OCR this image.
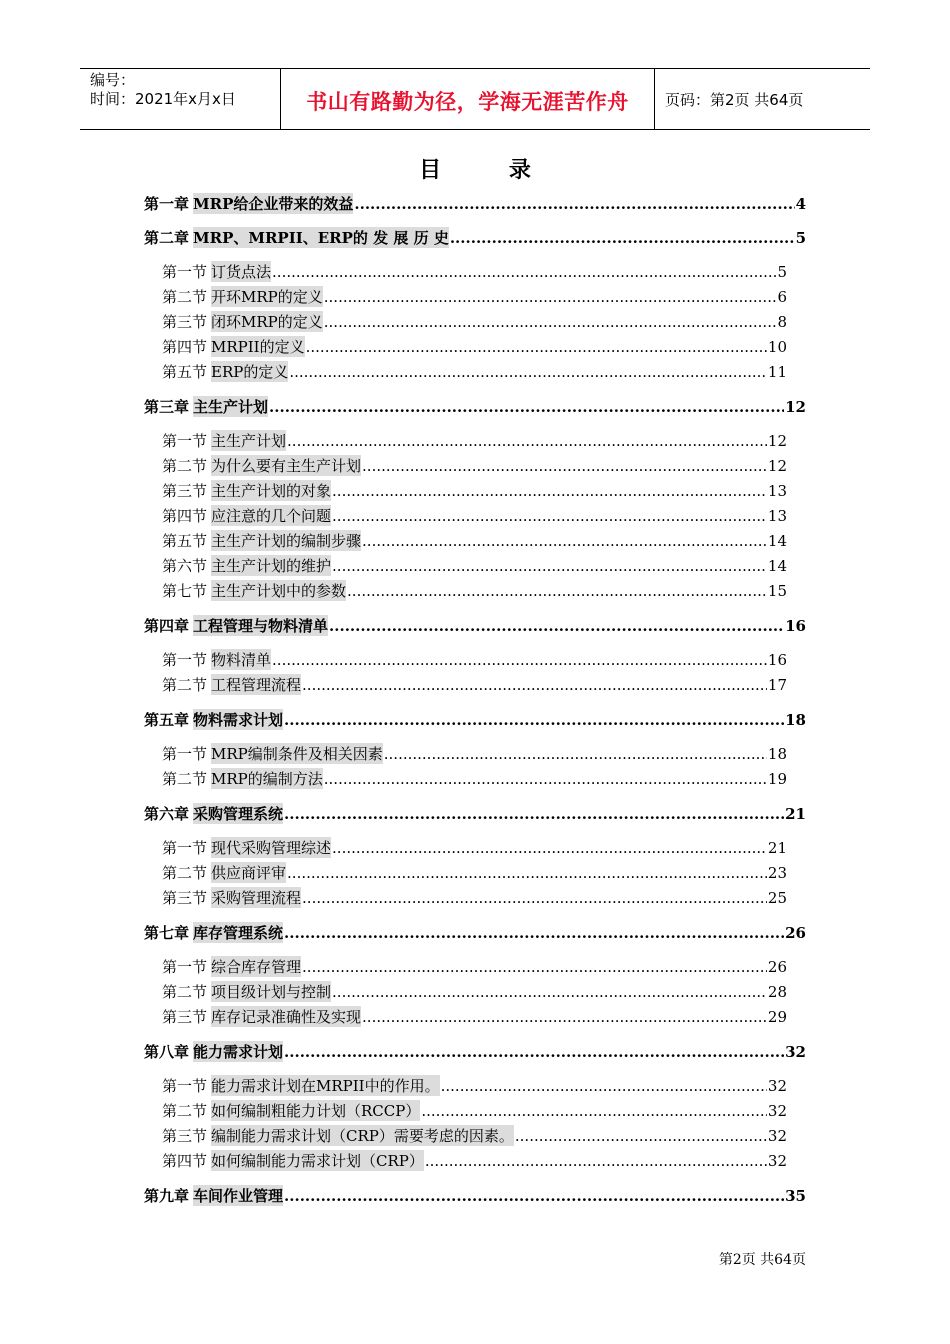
编号：
时间：2021年x月x日	书山有路勤为径，学海无涯苦作舟	页码：第2页 共64页
目 录
第一章 MRP给企业带来的效益 .....	4
第二章 MRP、MRPII、ERP的 发 展 历 史 .....	5
第一节 订货点法 .....	5
第二节 开环MRP的定义 .....	6
第三节 闭环MRP的定义 .....	8
第四节 MRPII的定义 .....	10
第五节 ERP的定义 .....	11
第三章 主生产计划 .....	12
第一节 主生产计划 .....	12
第二节 为什么要有主生产计划 .....	12
第三节 主生产计划的对象 .....	13
第四节 应注意的几个问题 .....	13
第五节 主生产计划的编制步骤 .....	14
第六节 主生产计划的维护 .....	14
第七节 主生产计划中的参数 .....	15
第四章 工程管理与物料清单 .....	16
第一节 物料清单 .....	16
第二节 工程管理流程 .....	17
第五章 物料需求计划 .....	18
第一节 MRP编制条件及相关因素 .....	18
第二节 MRP的编制方法 .....	19
第六章 采购管理系统 .....	21
第一节 现代采购管理综述 .....	21
第二节 供应商评审 .....	23
第三节 采购管理流程 .....	25
第七章 库存管理系统 .....	26
第一节 综合库存管理 .....	26
第二节 项目级计划与控制 .....	28
第三节 库存记录准确性及实现 .....	29
第八章 能力需求计划 .....	32
第一节 能力需求计划在MRPII中的作用。 .....	32
第二节 如何编制粗能力计划（RCCP） .....	32
第三节 编制能力需求计划（CRP）需要考虑的因素。 .....	32
第四节 如何编制能力需求计划（CRP） .....	32
第九章 车间作业管理 .....	35
第2页 共64页
